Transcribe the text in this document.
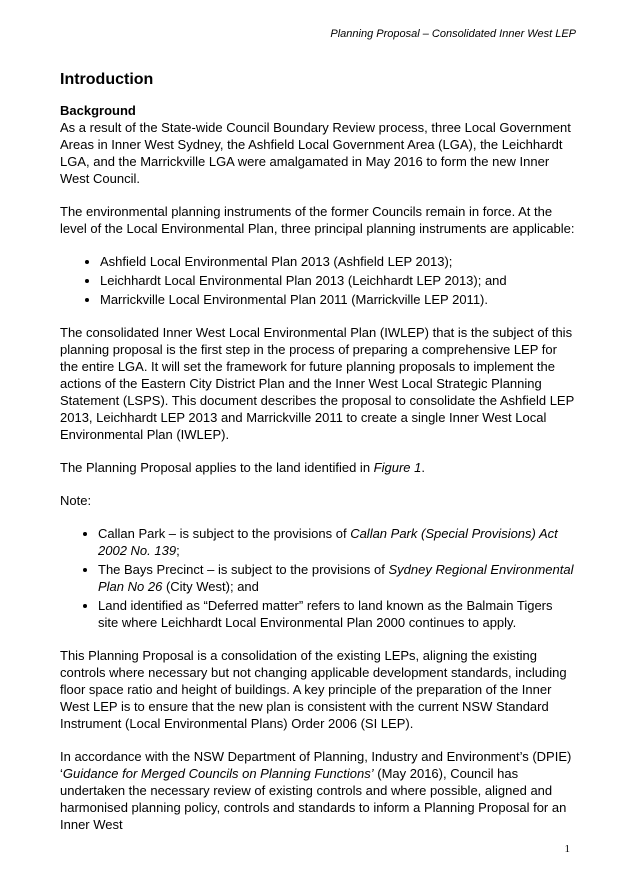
Planning Proposal – Consolidated Inner West LEP
Introduction
Background

As a result of the State-wide Council Boundary Review process, three Local Government Areas in Inner West Sydney, the Ashfield Local Government Area (LGA), the Leichhardt LGA, and the Marrickville LGA were amalgamated in May 2016 to form the new Inner West Council.

The environmental planning instruments of the former Councils remain in force. At the level of the Local Environmental Plan, three principal planning instruments are applicable:

• Ashfield Local Environmental Plan 2013 (Ashfield LEP 2013);
• Leichhardt Local Environmental Plan 2013 (Leichhardt LEP 2013); and
• Marrickville Local Environmental Plan 2011 (Marrickville LEP 2011).

The consolidated Inner West Local Environmental Plan (IWLEP) that is the subject of this planning proposal is the first step in the process of preparing a comprehensive LEP for the entire LGA. It will set the framework for future planning proposals to implement the actions of the Eastern City District Plan and the Inner West Local Strategic Planning Statement (LSPS). This document describes the proposal to consolidate the Ashfield LEP 2013, Leichhardt LEP 2013 and Marrickville 2011 to create a single Inner West Local Environmental Plan (IWLEP).

The Planning Proposal applies to the land identified in Figure 1.

Note:

• Callan Park – is subject to the provisions of Callan Park (Special Provisions) Act 2002 No. 139;
• The Bays Precinct – is subject to the provisions of Sydney Regional Environmental Plan No 26 (City West); and
• Land identified as “Deferred matter” refers to land known as the Balmain Tigers site where Leichhardt Local Environmental Plan 2000 continues to apply.

This Planning Proposal is a consolidation of the existing LEPs, aligning the existing controls where necessary but not changing applicable development standards, including floor space ratio and height of buildings. A key principle of the preparation of the Inner West LEP is to ensure that the new plan is consistent with the current NSW Standard Instrument (Local Environmental Plans) Order 2006 (SI LEP).

In accordance with the NSW Department of Planning, Industry and Environment’s (DPIE) ‘Guidance for Merged Councils on Planning Functions’ (May 2016), Council has undertaken the necessary review of existing controls and where possible, aligned and harmonised planning policy, controls and standards to inform a Planning Proposal for an Inner West

1
